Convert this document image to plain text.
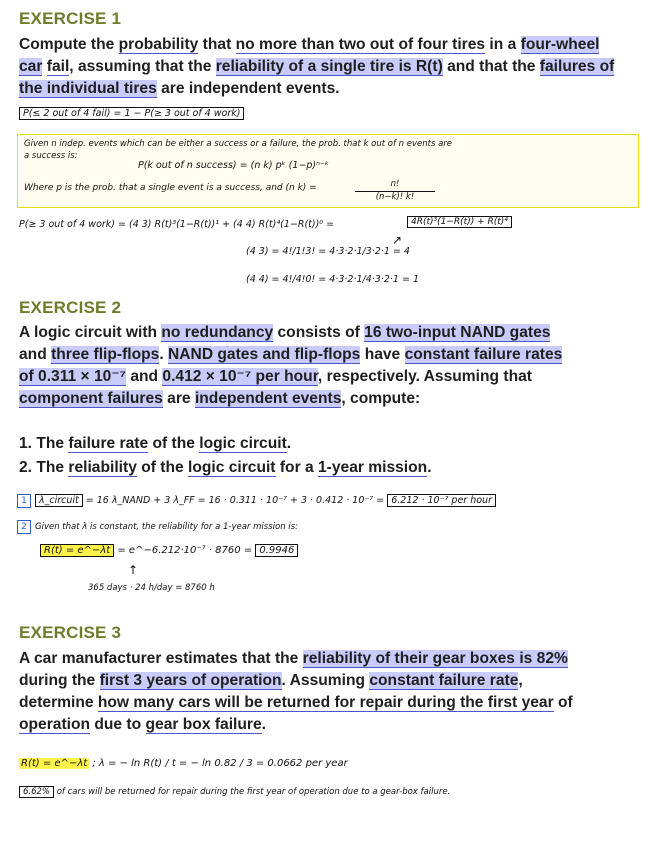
EXERCISE 1
Compute the probability that no more than two out of four tires in a four-wheel
car fail, assuming that the reliability of a single tire is R(t) and that the failures of
the individual tires are independent events.
P(≤ 2 out of 4 fail) = 1 − P(≥ 3 out of 4 work)
Given n indep. events which can be either a success or a failure, the prob. that k out of n events are
a success is:
P(k out of n success) = (n k) pᵏ (1−p)ⁿ⁻ᵏ
Where p is the prob. that a single event is a success, and (n k) =	n!
(n−k)! k!
P(≥ 3 out of 4 work) = (4 3) R(t)³(1−R(t))¹ + (4 4) R(t)⁴(1−R(t))⁰ =	4R(t)³(1−R(t)) + R(t)⁴
↗
(4 3) = 4!/1!3! = 4·3·2·1/3·2·1 = 4
(4 4) = 4!/4!0! = 4·3·2·1/4·3·2·1 = 1
EXERCISE 2
A logic circuit with no redundancy consists of 16 two-input NAND gates
and three flip-flops. NAND gates and flip-flops have constant failure rates
of 0.311 × 10⁻⁷ and 0.412 × 10⁻⁷ per hour, respectively. Assuming that
component failures are independent events, compute:
1. The failure rate of the logic circuit.
2. The reliability of the logic circuit for a 1-year mission.
1 λ_circuit = 16 λ_NAND + 3 λ_FF = 16 · 0.311 · 10⁻⁷ + 3 · 0.412 · 10⁻⁷ = 6.212 · 10⁻⁷ per hour
2 Given that λ is constant, the reliability for a 1-year mission is:
R(t) = e^−λt = e^−6.212·10⁻⁷ · 8760 = 0.9946
↑
365 days · 24 h/day = 8760 h
EXERCISE 3
A car manufacturer estimates that the reliability of their gear boxes is 82%
during the first 3 years of operation. Assuming constant failure rate,
determine how many cars will be returned for repair during the first year of
operation due to gear box failure.
R(t) = e^−λt ; λ = − ln R(t) / t = − ln 0.82 / 3 = 0.0662 per year
6.62% of cars will be returned for repair during the first year of operation due to a gear-box failure.
